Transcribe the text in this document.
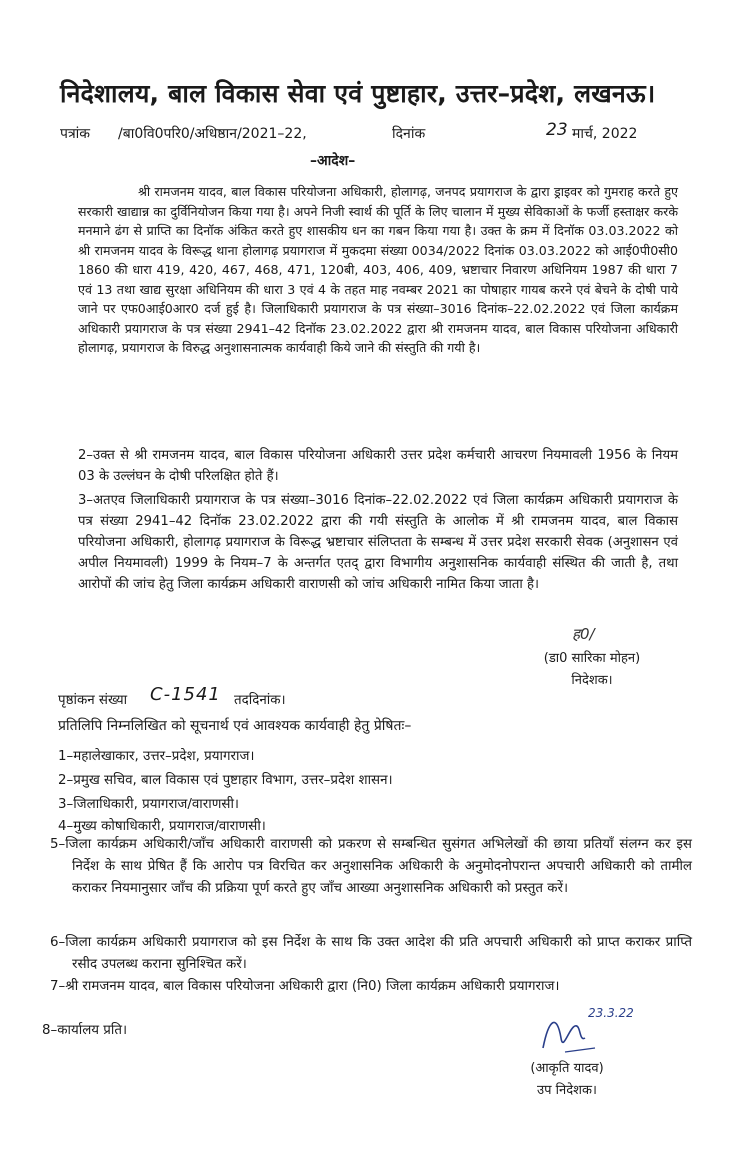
निदेशालय, बाल विकास सेवा एवं पुष्टाहार, उत्तर–प्रदेश, लखनऊ।
पत्रांक /बा0वि0परि0/अधिष्ठान/2021–22,	दिनांक	23 मार्च, 2022
–आदेश–
श्री रामजनम यादव, बाल विकास परियोजना अधिकारी, होलागढ़, जनपद प्रयागराज के द्वारा ड्राइवर को गुमराह करते हुए सरकारी खाद्यान्न का दुर्विनियोजन किया गया है। अपने निजी स्वार्थ की पूर्ति के लिए चालान में मुख्य सेविकाओं के फर्जी हस्ताक्षर करके मनमाने ढंग से प्राप्ति का दिनॉक अंकित करते हुए शासकीय धन का गबन किया गया है। उक्त के क्रम में दिनॉक 03.03.2022 को श्री रामजनम यादव के विरूद्ध थाना होलागढ़ प्रयागराज में मुकदमा संख्या 0034/2022 दिनांक 03.03.2022 को आई0पी0सी0 1860 की धारा 419, 420, 467, 468, 471, 120बी, 403, 406, 409, भ्रष्टाचार निवारण अधिनियम 1987 की धारा 7 एवं 13 तथा खाद्य सुरक्षा अधिनियम की धारा 3 एवं 4 के तहत माह नवम्बर 2021 का पोषाहार गायब करने एवं बेचने के दोषी पाये जाने पर एफ0आई0आर0 दर्ज हुई है। जिलाधिकारी प्रयागराज के पत्र संख्या–3016 दिनांक–22.02.2022 एवं जिला कार्यक्रम अधिकारी प्रयागराज के पत्र संख्या 2941–42 दिनॉक 23.02.2022 द्वारा श्री रामजनम यादव, बाल विकास परियोजना अधिकारी होलागढ़, प्रयागराज के विरुद्ध अनुशासनात्मक कार्यवाही किये जाने की संस्तुति की गयी है।
2–उक्त से श्री रामजनम यादव, बाल विकास परियोजना अधिकारी उत्तर प्रदेश कर्मचारी आचरण नियमावली 1956 के नियम 03 के उल्लंघन के दोषी परिलक्षित होते हैं।
3–अतएव जिलाधिकारी प्रयागराज के पत्र संख्या–3016 दिनांक–22.02.2022 एवं जिला कार्यक्रम अधिकारी प्रयागराज के पत्र संख्या 2941–42 दिनॉक 23.02.2022 द्वारा की गयी संस्तुति के आलोक में श्री रामजनम यादव, बाल विकास परियोजना अधिकारी, होलागढ़ प्रयागराज के विरूद्ध भ्रष्टाचार संलिप्तता के सम्बन्ध में उत्तर प्रदेश सरकारी सेवक (अनुशासन एवं अपील नियमावली) 1999 के नियम–7 के अन्तर्गत एतद् द्वारा विभागीय अनुशासनिक कार्यवाही संस्थित की जाती है, तथा आरोपों की जांच हेतु जिला कार्यक्रम अधिकारी वाराणसी को जांच अधिकारी नामित किया जाता है।
ह0/
(डा0 सारिका मोहन)
निदेशक।
पृष्ठांकन संख्या C-1541 तददिनांक।
प्रतिलिपि निम्नलिखित को सूचनार्थ एवं आवश्यक कार्यवाही हेतु प्रेषितः–
1–महालेखाकार, उत्तर–प्रदेश, प्रयागराज।
2–प्रमुख सचिव, बाल विकास एवं पुष्टाहार विभाग, उत्तर–प्रदेश शासन।
3–जिलाधिकारी, प्रयागराज/वाराणसी।
4–मुख्य कोषाधिकारी, प्रयागराज/वाराणसी।
5–जिला कार्यक्रम अधिकारी/जाँच अधिकारी वाराणसी को प्रकरण से सम्बन्धित सुसंगत अभिलेखों की छाया प्रतियाँ संलग्न कर इस निर्देश के साथ प्रेषित हैं कि आरोप पत्र विरचित कर अनुशासनिक अधिकारी के अनुमोदनोपरान्त अपचारी अधिकारी को तामील कराकर नियमानुसार जाँच की प्रक्रिया पूर्ण करते हुए जाँच आख्या अनुशासनिक अधिकारी को प्रस्तुत करें।
6–जिला कार्यक्रम अधिकारी प्रयागराज को इस निर्देश के साथ कि उक्त आदेश की प्रति अपचारी अधिकारी को प्राप्त कराकर प्राप्ति रसीद उपलब्ध कराना सुनिश्चित करें।
7–श्री रामजनम यादव, बाल विकास परियोजना अधिकारी द्वारा (नि0) जिला कार्यक्रम अधिकारी प्रयागराज।
8–कार्यालय प्रति।
23.3.22
(आकृति यादव)
उप निदेशक।
